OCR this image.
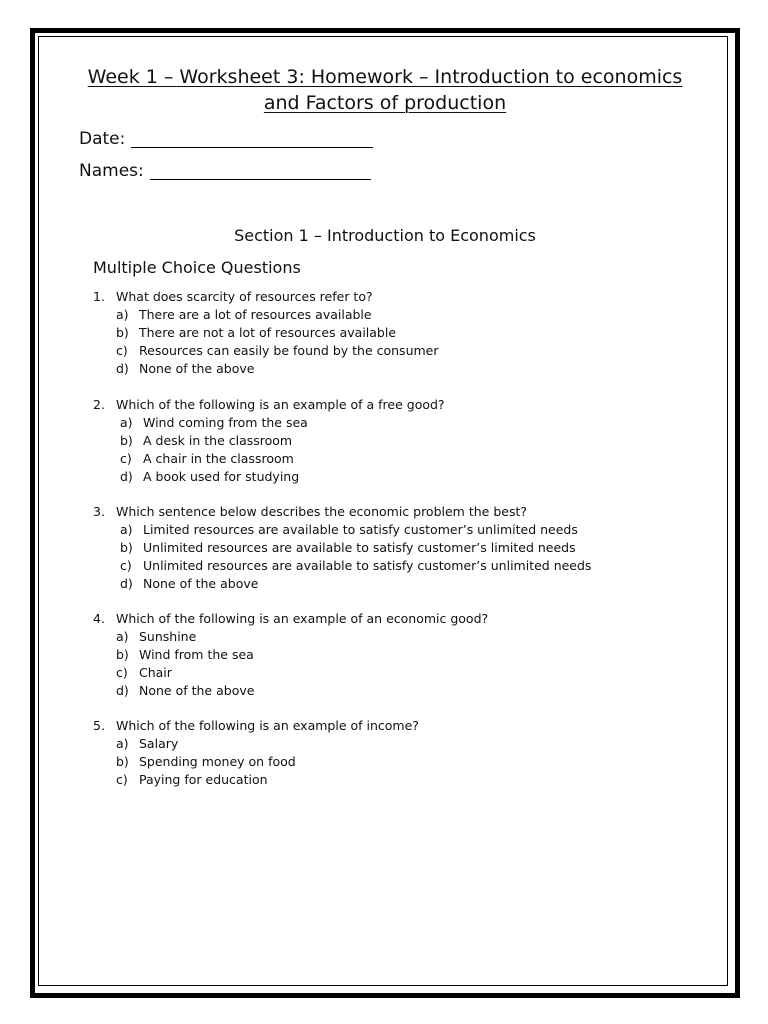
Week 1 – Worksheet 3: Homework – Introduction to economics
and Factors of production
Date:
Names:
Section 1 – Introduction to Economics
Multiple Choice Questions
1. What does scarcity of resources refer to?
a) There are a lot of resources available
b) There are not a lot of resources available
c) Resources can easily be found by the consumer
d) None of the above
2. Which of the following is an example of a free good?
a) Wind coming from the sea
b) A desk in the classroom
c) A chair in the classroom
d) A book used for studying
3. Which sentence below describes the economic problem the best?
a) Limited resources are available to satisfy customer’s unlimited needs
b) Unlimited resources are available to satisfy customer’s limited needs
c) Unlimited resources are available to satisfy customer’s unlimited needs
d) None of the above
4. Which of the following is an example of an economic good?
a) Sunshine
b) Wind from the sea
c) Chair
d) None of the above
5. Which of the following is an example of income?
a) Salary
b) Spending money on food
c) Paying for education
